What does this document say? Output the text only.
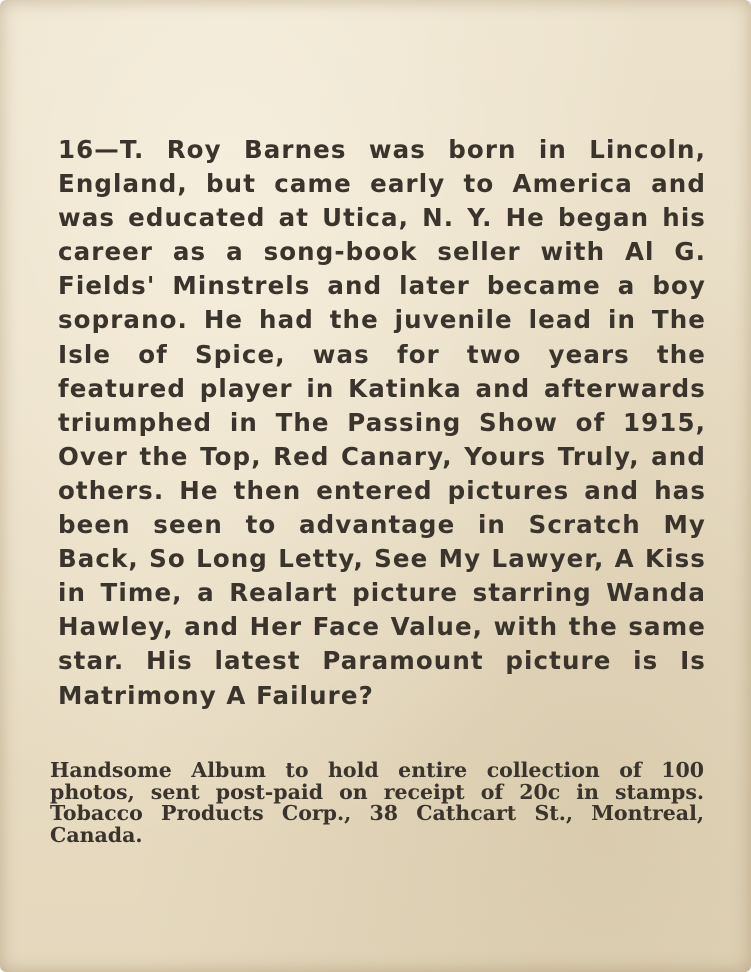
16—T. Roy Barnes was born in Lincoln, England, but came early to America and was educated at Utica, N. Y. He began his career as a song-book seller with Al G. Fields' Minstrels and later became a boy soprano. He had the juvenile lead in The Isle of Spice, was for two years the featured player in Katinka and afterwards triumphed in The Passing Show of 1915, Over the Top, Red Canary, Yours Truly, and others. He then entered pictures and has been seen to advantage in Scratch My Back, So Long Letty, See My Lawyer, A Kiss in Time, a Realart picture starring Wanda Hawley, and Her Face Value, with the same star. His latest Paramount picture is Is Matrimony A Failure?

Handsome Album to hold entire collection of 100 photos, sent post-paid on receipt of 20c in stamps. Tobacco Products Corp., 38 Cathcart St., Montreal, Canada.
